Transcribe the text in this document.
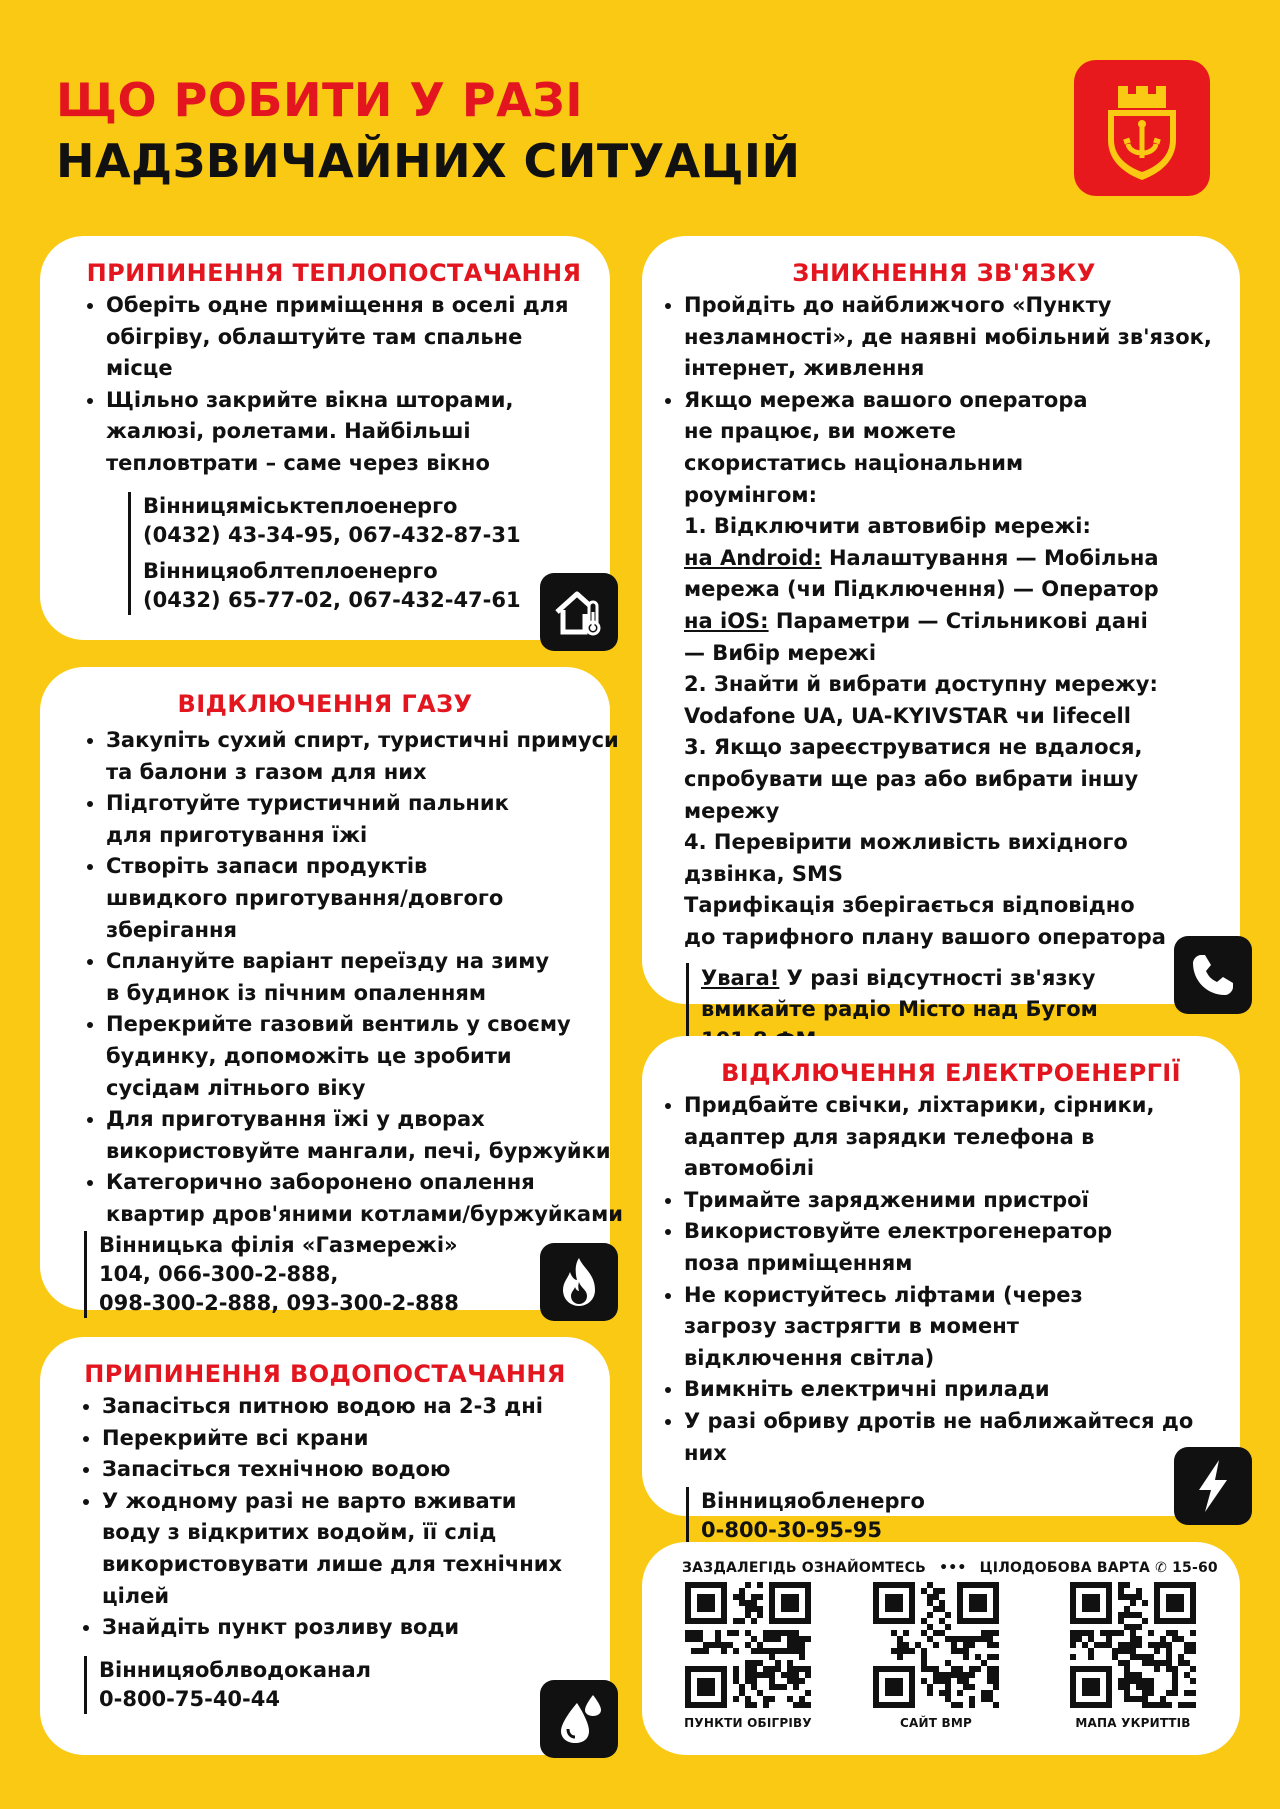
ЩО РОБИТИ У РАЗІ
НАДЗВИЧАЙНИХ СИТУАЦІЙ
ПРИПИНЕННЯ ТЕПЛОПОСТАЧАННЯ
Оберіть одне приміщення в оселі для обігріву, облаштуйте там спальне місце
Щільно закрийте вікна шторами, жалюзі, ролетами. Найбільші тепловтрати – саме через вікно
Вінницяміськтеплоенерго
(0432) 43-34-95, 067-432-87-31
Вінницяоблтеплоенерго
(0432) 65-77-02, 067-432-47-61
ВІДКЛЮЧЕННЯ ГАЗУ
Закупіть сухий спирт, туристичні примуси та балони з газом для них
Підготуйте туристичний пальник для приготування їжі
Створіть запаси продуктів швидкого приготування/довгого зберігання
Сплануйте варіант переїзду на зиму в будинок із пічним опаленням
Перекрийте газовий вентиль у своєму будинку, допоможіть це зробити сусідам літнього віку
Для приготування їжі у дворах використовуйте мангали, печі, буржуйки
Категорично заборонено опалення квартир дров'яними котлами/буржуйками
Вінницька філія «Газмережі»
104, 066-300-2-888,
098-300-2-888, 093-300-2-888
ПРИПИНЕННЯ ВОДОПОСТАЧАННЯ
Запасіться питною водою на 2-3 дні
Перекрийте всі крани
Запасіться технічною водою
У жодному разі не варто вживати воду з відкритих водойм, її слід використовувати лише для технічних цілей
Знайдіть пункт розливу води
Вінницяоблводоканал
0-800-75-40-44
ЗНИКНЕННЯ ЗВ'ЯЗКУ
Пройдіть до найближчого «Пункту незламності», де наявні мобільний зв'язок, інтернет, живлення
Якщо мережа вашого оператора не працює, ви можете скористатись національним роумінгом:
1. Відключити автовибір мережі:
на Android: Налаштування — Мобільна мережа (чи Підключення) — Оператор
на iOS: Параметри — Стільникові дані — Вибір мережі
2. Знайти й вибрати доступну мережу: Vodafone UA, UA-KYIVSTAR чи lifecell
3. Якщо зареєструватися не вдалося, спробувати ще раз або вибрати іншу мережу
4. Перевірити можливість вихідного дзвінка, SMS
Тарифікація зберігається відповідно до тарифного плану вашого оператора
Увага! У разі відсутності зв'язку вмикайте радіо Місто над Бугом
ВІДКЛЮЧЕННЯ ЕЛЕКТРОЕНЕРГІЇ
Придбайте свічки, ліхтарики, сірники, адаптер для зарядки телефона в автомобілі
Тримайте зарядженими пристрої
Використовуйте електрогенератор поза приміщенням
Не користуйтесь ліфтами (через загрозу застрягти в момент відключення світла)
Вимкніть електричні прилади
У разі обриву дротів не наближайтеся до них
Вінницяобленерго
0-800-30-95-95
ЗАЗДАЛЕГІДЬ ОЗНАЙОМТЕСЬ ••• ЦІЛОДОБОВА ВАРТА ✆ 15-60
ПУНКТИ ОБІГРІВУ	САЙТ ВМР	МАПА УКРИТТІВ
